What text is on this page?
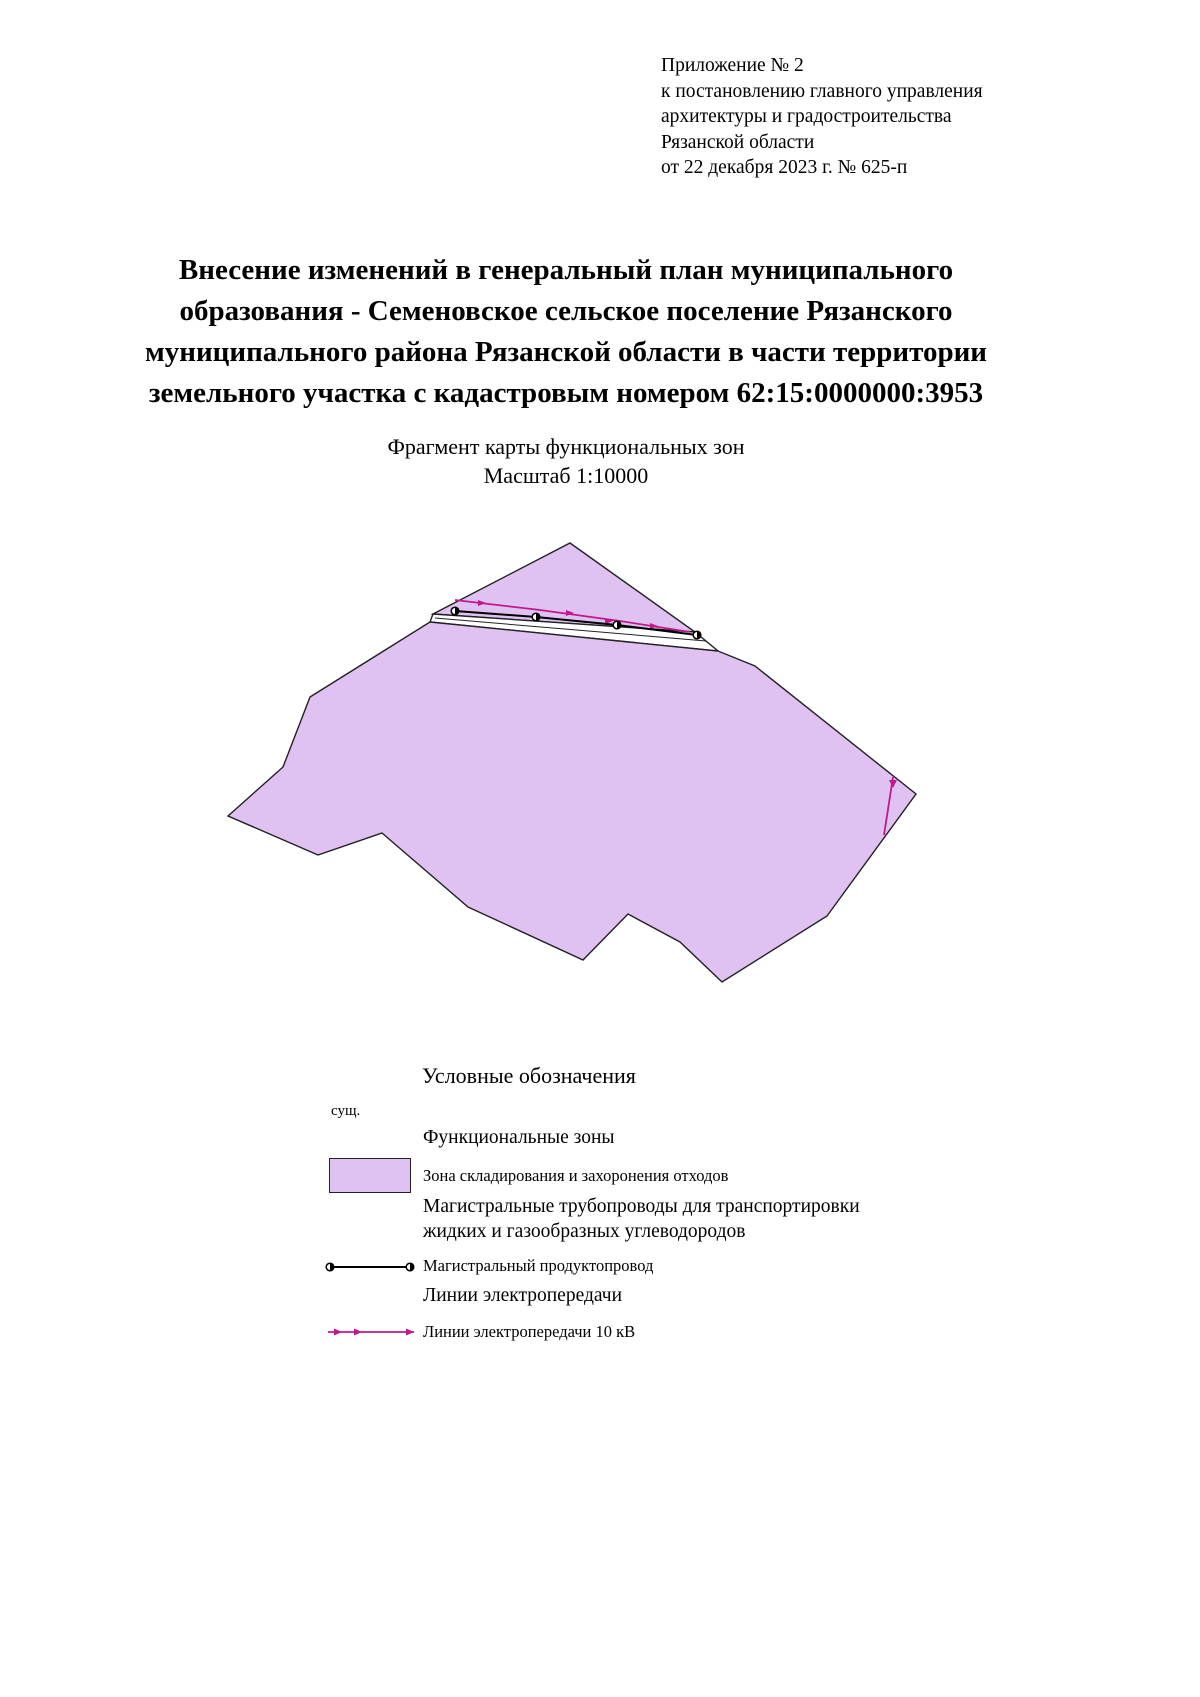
Приложение № 2
к постановлению главного управления
архитектуры и градостроительства
Рязанской области
от 22 декабря 2023 г. № 625-п
Внесение изменений в генеральный план муниципального
образования - Семеновское сельское поселение Рязанского
муниципального района Рязанской области в части территории
земельного участка с кадастровым номером 62:15:0000000:3953
Фрагмент карты функциональных зон
Масштаб 1:10000
Условные обозначения
сущ.
Функциональные зоны
Зона складирования и захоронения отходов
Магистральные трубопроводы для транспортировки
жидких и газообразных углеводородов
Магистральный продуктопровод
Линии электропередачи
Линии электропередачи 10 кВ
